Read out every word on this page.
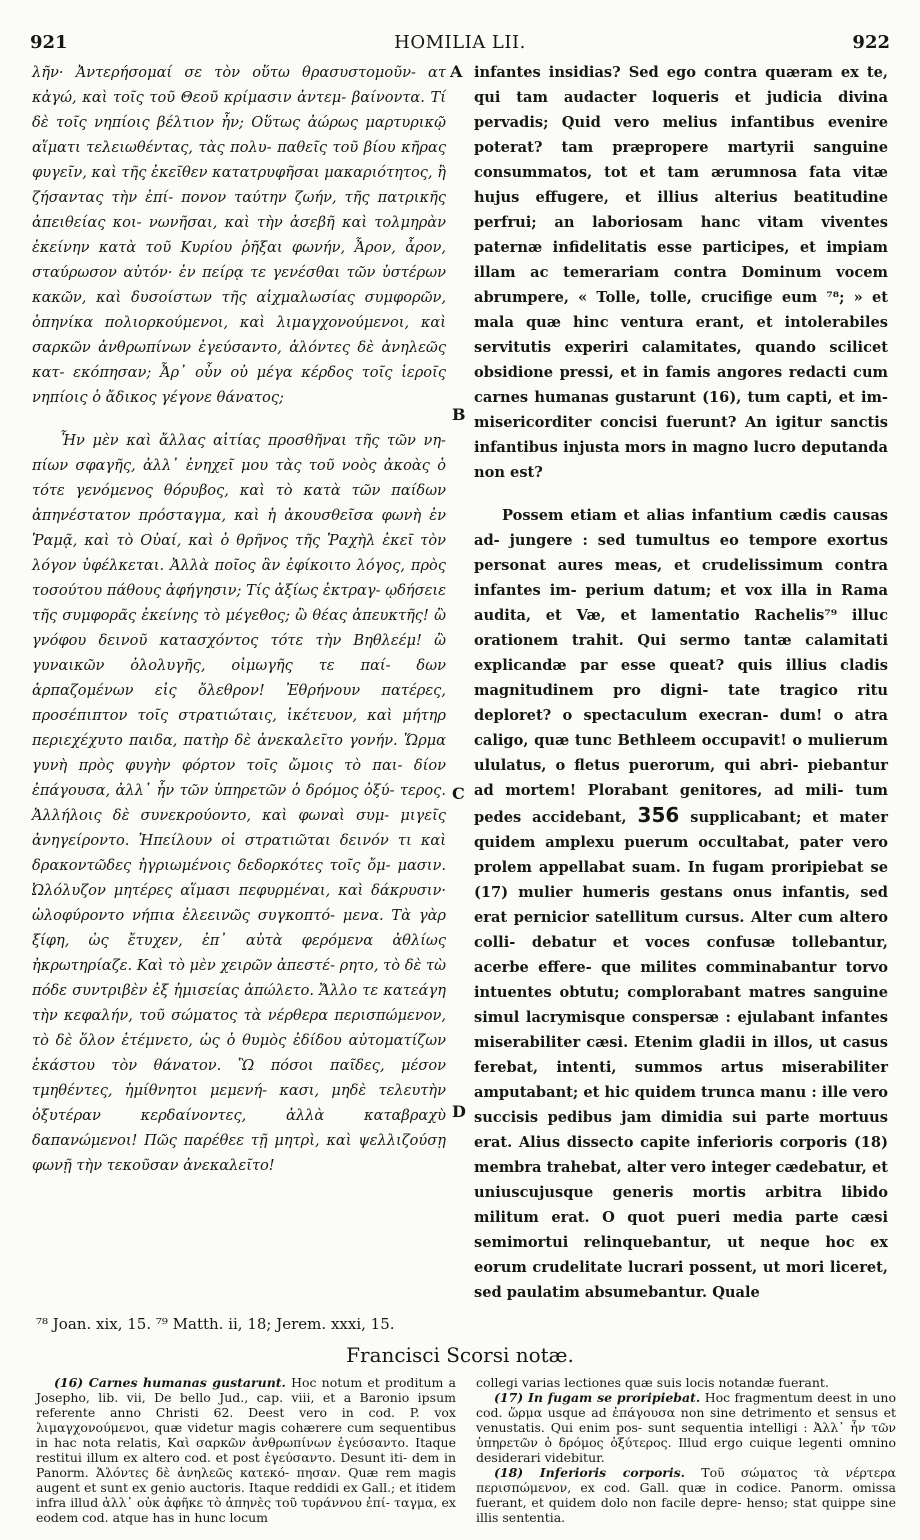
921	HOMILIA LII.	922

λῆν· Ἀντερήσομαί σε τὸν οὕτω θρασυστομοῦν- ατ κἀγώ, καὶ τοῖς τοῦ Θεοῦ κρίμασιν ἀντεμ- βαίνοντα. Τί δὲ τοῖς νηπίοις βέλτιον ἦν; Οὕτως ἀώρως μαρτυρικῷ αἵματι τελειωθέντας, τὰς πολυ- παθεῖς τοῦ βίου κῆρας φυγεῖν, καὶ τῆς ἐκεῖθεν κατατρυφῆσαι μακαριότητος, ἢ ζήσαντας τὴν ἐπί- πονον ταύτην ζωήν, τῆς πατρικῆς ἀπειθείας κοι- νωνῆσαι, καὶ τὴν ἀσεβῆ καὶ τολμηρὰν ἐκείνην κατὰ τοῦ Κυρίου ῥῆξαι φωνήν, Ἆρον, ἆρον, σταύρωσον αὐτόν· ἐν πείρᾳ τε γενέσθαι τῶν ὑστέρων κακῶν, καὶ δυσοίστων τῆς αἰχμαλωσίας συμφορῶν, ὁπηνίκα πολιορκούμενοι, καὶ λιμαγχονούμενοι, καὶ σαρκῶν ἀνθρωπίνων ἐγεύσαντο, ἁλόντες δὲ ἀνηλεῶς κατ- εκόπησαν; Ἆρ᾽ οὖν οὐ μέγα κέρδος τοῖς ἱεροῖς νηπίοις ὁ ἄδικος γέγονε θάνατος;

Ἦν μὲν καὶ ἄλλας αἰτίας προσθῆναι τῆς τῶν νη- πίων σφαγῆς, ἀλλ᾽ ἐνηχεῖ μου τὰς τοῦ νοὸς ἀκοὰς ὁ τότε γενόμενος θόρυβος, καὶ τὸ κατὰ τῶν παίδων ἀπηνέστατον πρόσταγμα, καὶ ἡ ἀκουσθεῖσα φωνὴ ἐν Ῥαμᾷ, καὶ τὸ Οὐαί, καὶ ὁ θρῆνος τῆς Ῥαχὴλ ἐκεῖ τὸν λόγον ὑφέλκεται. Ἀλλὰ ποῖος ἂν ἐφίκοιτο λόγος, πρὸς τοσούτου πάθους ἀφήγησιν; Τίς ἀξίως ἐκτραγ- ῳδήσειε τῆς συμφορᾶς ἐκείνης τὸ μέγεθος; ὢ θέας ἀπευκτῆς! ὢ γνόφου δεινοῦ κατασχόντος τότε τὴν Βηθλεέμ! ὢ γυναικῶν ὀλολυγῆς, οἰμωγῆς τε παί- δων ἁρπαζομένων εἰς ὄλεθρον! Ἐθρήνουν πατέρες, προσέπιπτον τοῖς στρατιώταις, ἱκέτευον, καὶ μήτηρ περιεχέχυτο παιδα, πατὴρ δὲ ἀνεκαλεῖτο γονήν. Ὥρμα γυνὴ πρὸς φυγὴν φόρτον τοῖς ὤμοις τὸ παι- δίον ἐπάγουσα, ἀλλ᾽ ἦν τῶν ὑπηρετῶν ὁ δρόμος ὀξύ- τερος. Ἀλλήλοις δὲ συνεκρούοντο, καὶ φωναὶ συμ- μιγεῖς ἀνηγείροντο. Ἠπείλουν οἱ στρατιῶται δεινόν τι καὶ δρακοντῶδες ἠγριωμένοις δεδορκότες τοῖς ὄμ- μασιν. Ὠλόλυζον μητέρες αἵμασι πεφυρμέναι, καὶ δάκρυσιν· ὠλοφύροντο νήπια ἐλεεινῶς συγκοπτό- μενα. Τὰ γὰρ ξίφη, ὡς ἔτυχεν, ἐπ᾽ αὐτὰ φερόμενα ἀθλίως ἠκρωτηρίαζε. Καὶ τὸ μὲν χειρῶν ἀπεστέ- ρητο, τὸ δὲ τὼ πόδε συντριβὲν ἐξ ἡμισείας ἀπώλετο. Ἄλλο τε κατεάγη τὴν κεφαλήν, τοῦ σώματος τὰ νέρθερα περισπώμενον, τὸ δὲ ὅλον ἐτέμνετο, ὡς ὁ θυμὸς ἐδίδου αὐτοματίζων ἑκάστου τὸν θάνατον. Ὢ πόσοι παῖδες, μέσον τμηθέντες, ἡμίθνητοι μεμενή- κασι, μηδὲ τελευτὴν ὀξυτέραν κερδαίνοντες, ἀλλὰ καταβραχὺ δαπανώμενοι! Πῶς παρέθεε τῇ μητρὶ, καὶ ψελλιζούσῃ φωνῇ τὴν τεκοῦσαν ἀνεκαλεῖτο!

A
B
C
D

infantes insidias? Sed ego contra quæram ex te, qui tam audacter loqueris et judicia divina pervadis; Quid vero melius infantibus evenire poterat? tam præpropere martyrii sanguine consummatos, tot et tam ærumnosa fata vitæ hujus effugere, et illius alterius beatitudine perfrui; an laboriosam hanc vitam viventes paternæ infidelitatis esse participes, et impiam illam ac temerariam contra Dominum vocem abrumpere, « Tolle, tolle, crucifige eum ⁷⁸; » et mala quæ hinc ventura erant, et intolerabiles servitutis experiri calamitates, quando scilicet obsidione pressi, et in famis angores redacti cum carnes humanas gustarunt (16), tum capti, et im- misericorditer concisi fuerunt? An igitur sanctis infantibus injusta mors in magno lucro deputanda non est?

Possem etiam et alias infantium cædis causas ad- jungere : sed tumultus eo tempore exortus personat aures meas, et crudelissimum contra infantes im- perium datum; et vox illa in Rama audita, et Væ, et lamentatio Rachelis⁷⁹ illuc orationem trahit. Qui sermo tantæ calamitati explicandæ par esse queat? quis illius cladis magnitudinem pro digni- tate tragico ritu deploret? o spectaculum execran- dum! o atra caligo, quæ tunc Bethleem occupavit! o mulierum ululatus, o fletus puerorum, qui abri- piebantur ad mortem! Plorabant genitores, ad mili- tum pedes accidebant, 356 supplicabant; et mater quidem amplexu puerum occultabat, pater vero prolem appellabat suam. In fugam proripiebat se (17) mulier humeris gestans onus infantis, sed erat pernicior satellitum cursus. Alter cum altero colli- debatur et voces confusæ tollebantur, acerbe effere- que milites comminabantur torvo intuentes obtutu; complorabant matres sanguine simul lacrymisque conspersæ : ejulabant infantes miserabiliter cæsi. Etenim gladii in illos, ut casus ferebat, intenti, summos artus miserabiliter amputabant; et hic quidem trunca manu : ille vero succisis pedibus jam dimidia sui parte mortuus erat. Alius dissecto capite inferioris corporis (18) membra trahebat, alter vero integer cædebatur, et uniuscujusque generis mortis arbitra libido militum erat. O quot pueri media parte cæsi semimortui relinquebantur, ut neque hoc ex eorum crudelitate lucrari possent, ut mori liceret, sed paulatim absumebantur. Quale

⁷⁸ Joan. xix, 15. ⁷⁹ Matth. ii, 18; Jerem. xxxi, 15.
Francisci Scorsi notæ.

(16) Carnes humanas gustarunt. Hoc notum et proditum a Josepho, lib. vii, De bello Jud., cap. viii, et a Baronio ipsum referente anno Christi 62. Deest vero in cod. P. vox λιμαγχονούμενοι, quæ videtur magis cohærere cum sequentibus in hac nota relatis, Καὶ σαρκῶν ἀνθρωπίνων ἐγεύσαντο. Itaque restitui illum ex altero cod. et post ἐγεύσαντο. Desunt iti- dem in Panorm. Ἁλόντες δὲ ἀνηλεῶς κατεκό- πησαν. Quæ rem magis augent et sunt ex genio auctoris. Itaque reddidi ex Gall.; et itidem infra illud ἀλλ᾽ οὐκ ἀφῆκε τὸ ἀπηνὲς τοῦ τυράννου ἐπί- ταγμα, ex eodem cod. atque has in hunc locum

collegi varias lectiones quæ suis locis notandæ fuerant.

(17) In fugam se proripiebat. Hoc fragmentum deest in uno cod. ὥρμα usque ad ἐπάγουσα non sine detrimento et sensus et venustatis. Qui enim pos- sunt sequentia intelligi : Ἀλλ᾽ ἦν τῶν ὑπηρετῶν ὁ δρόμος ὀξύτερος. Illud ergo cuique legenti omnino desiderari videbitur.

(18) Inferioris corporis. Τοῦ σώματος τὰ νέρτερα περισπώμενον, ex cod. Gall. quæ in codice. Panorm. omissa fuerant, et quidem dolo non facile depre- henso; stat quippe sine illis sententia.
